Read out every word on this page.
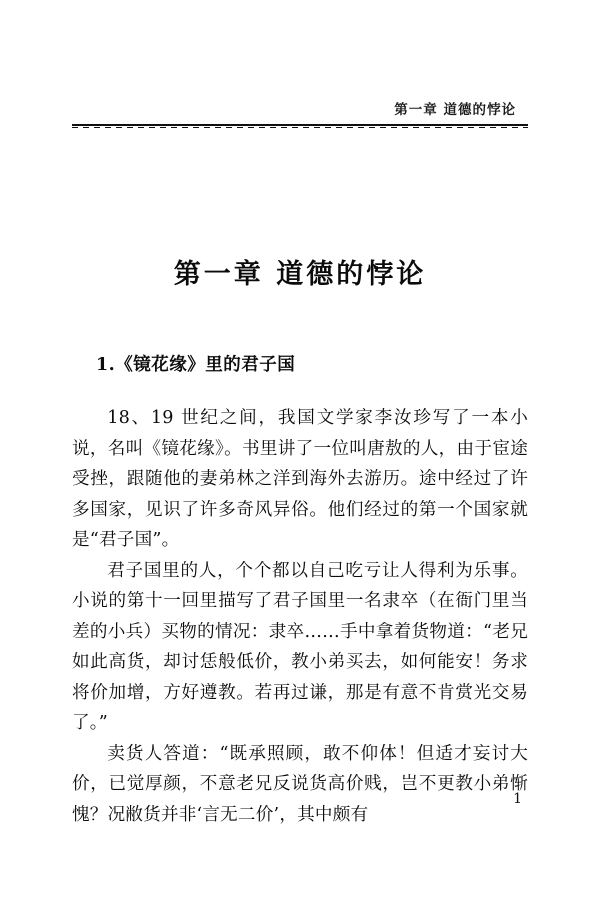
第一章 道德的悖论
第一章 道德的悖论
1.《镜花缘》里的君子国

18、19 世纪之间，我国文学家李汝珍写了一本小说，名叫《镜花缘》。书里讲了一位叫唐敖的人，由于宦途受挫，跟随他的妻弟林之洋到海外去游历。途中经过了许多国家，见识了许多奇风异俗。他们经过的第一个国家就是“君子国”。

君子国里的人，个个都以自己吃亏让人得利为乐事。小说的第十一回里描写了君子国里一名隶卒（在衙门里当差的小兵）买物的情况：隶卒……手中拿着货物道：“老兄如此高货，却讨恁般低价，教小弟买去，如何能安！务求将价加增，方好遵教。若再过谦，那是有意不肯赏光交易了。”

卖货人答道：“既承照顾，敢不仰体！但适才妄讨大价，已觉厚颜，不意老兄反说货高价贱，岂不更教小弟惭愧？况敝货并非‘言无二价’，其中颇有

1
